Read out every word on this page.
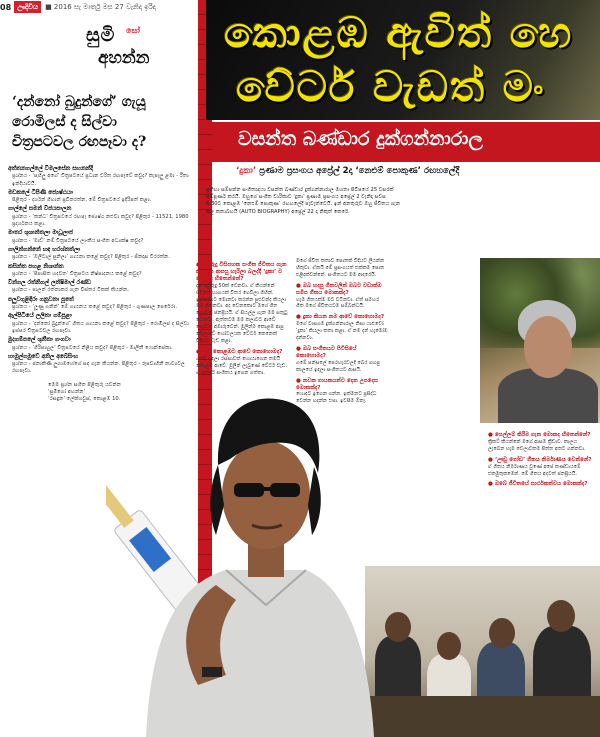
08 ඌදිවිය	■ 2016 සැ මාර්තු මස 27 වැනිදා ඉරිදා
සුමි සෝ
අහන්න
‘දන්නෝ බුදුන්ගේ’ ගැයූ
රොමිලස් ද සිල්වා
චිත්‍රපටවල රඟපෑවා ද?
අත්තනගල්ලේ විමලසේන සහනන්දී
ප්‍රශ්නය - ‘සහිලු අගේ’ චිත්‍රපටයේ ප්‍රධාන චරිත රඟපෑවේ කවුද? කැපෑලු ළමා - රීතා ඉන්දියාවයි.
මඩකලේ ටීපිණි ජ්‍යෙෂ්ඨයා
පිළිතුර - දර්ශන් ගිහාන් ප්‍රවීනරත්න, මේ චිත්‍රපටයේ ඉදිරිපත් කළා.
ගාල්ලේ සමන් විජයපාලන
ප්‍රශ්නය - ‘කන්ධ’ චිත්‍රපටයේ රඟපෑ ජ්‍යෙෂ්ඨ නළුවා කවුද? පිළිතුර - 11521, 1980 ප්‍රදර්ශනය කළා.
මාතර ශුශාන්තලා මාධූලාජ
ප්‍රශ්නය - ‘මාඩ්’ නම් චිත්‍රපටයේ ලාංකීය සංගීත අධ්‍යක්ෂ කවුද?
ගාලින්ගන්නේ හඳ හරශ්නත්ලා
ප්‍රශ්නය - ‘ඔලිටාල් සුනිලා’ ගායනා කළේ කවුද? පිළිතුර - ජිනදාස වීරරත්න.
කසින්ත පහළ නිශාන්ත
ප්‍රශ්නය - ‘පිපාසිත හදවත’ චිත්‍රපටය නිෂ්පාදනය කළේ කවුද?
වින්ගල රත්නිගල් ලන්ෂිමාල් රණ්ඩ
ප්‍රශ්නය - පාලන් රත්නාකර ගැන විස්තර ටිකක් කියන්න.
පලුවගුළිඳිරා ගනුවනා පූතේ
ප්‍රශ්නය - ‘ලූණු ගනින්’ මේ ගායනය කළේ කවුද? පිළිතුර - ගුණපාල පෙරේරා.
ඇල්පිටියේ ලලිතා ගම්පූළා
ප්‍රශ්නය - ‘දන්නෝ බුදුන්ගේ’ ගීතය ගායනා කළේ කවුද? පිළිතුර - රොමිලස් ද සිල්වා ඉස්සර චිත්‍රපටවල රඟපෑවා.
මුදගම්පලේ ශුනීතා ගංගවා
ප්‍රශ්නය - ‘ගිරිපාහුල’ චිත්‍රපටයේ නිළිය කවුද? පිළිතුර - මාලිනී ෆොන්සේකා.
හාමුල්ගමුවේ අනිල අබේසිංහ
ප්‍රශ්නය - ජනාකිණි ලුගාමහේගේ සඳ ගැන කියන්න. පිළිතුර - රූපවාහිනී නාට්‍යවල රඟපෑවා.
මෙම ප්‍රශ්න සහිත පිළිතුරු යවන්න
‘සුමීගෝ අහන්න’
‘රසඳුන’ ලේක්හවුස්, කොළඹ 10.
කොළඹ ඇවිත් හෙ
වේටර් වැඩත් මං
වසන්ත බණ්ඩාර දුක්ගන්නාරාල
‘දුකා’ ප්‍රණාම ප්‍රසංගය අප්‍රේල් 2දා ‘නෙළුම් පොකුණ’ රඟහලේදී
ප්‍රතිභා සම්පන්න සංගීතඥයා වසන්ත බණ්ඩාර දුක්ගන්නාරාල මහතා පිටිපයේ 25 වසරක් සම්පූර්ණ කරයි. ඔහුගේ සංගීත චාරිකාව ‘දුකා’ ප්‍රණාම ප්‍රසංගය අප්‍රේල් 2 වැනිදා සවස 6.30ට කොළඹ ‘නෙළුම් පොකුණ’ රඟහලේදී පැවැත්වෙයි. ඉන් අනතුරුව ඔහු ජීවිතය ගැන කළ කතාබහයි (AUTO BIOGRAPHY) අප්‍රේල් 22 දා නිකුත් කෙරේ.
● අවුරුදු විසිපහක සංගීත ජීවිතය ගැන කියන්න ආපසු හැරිලා බලද්දී ‘දුකා’ ට මොකද හිතෙන්නේ?
දැන් අවුරුදු 50ක් වෙනවා. ඒ කියන්නේ ජීවිතේ භාගයක් විතර ගෙවිලා ගිහින්. ඉස්සරහට මොනවා කරන්න පුළුවන්ද කියලා මම හිතනවා. අද වෙනකොට මගේ ගීත ගොඩක් ජනප්‍රියයි. ඒ සියල්ල ගැන මම සතුටු වෙනවා. ඇත්තටම මම කලාවට ආවේ ගොඩක් අමාරුවෙන්. මුලින්ම කොළඹ ආපු වෙලාවේ හෝටලයක වේටර් කෙනෙක් විදියට වැඩ කළා.
● ඔබ කොළඹට ආවේ කොහොමද?
ගමේ ඉඳලා රස්සාවක් හොයාගෙන තමයි කොළඹ ආවේ. මුලින් ලැබුණේ වේටර් වැඩ. ඒ අතරේ සංගීතය ඉගෙන ගත්තා.
මගේ ජීවිත කතාව පොතක් විදියට ලියන්න හිතුවා. ඒකයි මේ ප්‍රසංගයත් එක්කම පොත එළිදක්වන්නේ. සංගීතයට මම ආදරෙයි.
● ඔබ හදපු ගීතවලින් ඔබට වඩාත්ම සමීප ගීතය මොකක්ද?
හැම ගීතයක්ම මට වටිනවා. ඒත් සමහර ගීත මගේ ජීවිතයටම සම්බන්ධයි.
● දුකා කියන නම ආවේ කොහොමද?
මගේ වාසගම දුක්ගන්නාරාල නිසා යාළුවෝ ‘දුකා’ කියලා කතා කළා. ඒ නම දැන් හැමෝම දන්නවා.
● ඔබ සංගීතයට පිවිසියේ කොහොමද?
ගමේ පන්සලේ පෙරහැරවලදී බෙර ගහපු කාලයේ ඉඳලා සංගීතයට ආසයි.
● නවක ගායකයන්ට දෙන උපදෙස මොකක්ද?
හොඳට ඉගෙන ගන්න. ඉක්මනට ප්‍රසිද්ධ වෙන්න හදන්න එපා. ඉවසීම ඕනෑ.
● සෙල්ලම් කිරීම ගැන මොකද හිතෙන්නේ?
ක්‍රිකට් කියන්නේ මගේ ආසම ක්‍රීඩාව. කාලය ලැබෙන හැම වෙලාවකම පිත්ත අතට ගන්නවා.
● ‘ඌඩු ගෝඩ’ ගීතය නිර්මාණය වෙන්නේ?
ඒ ගීතය නිර්මාණය වුණේ අපේ කණ්ඩායමේ එකමුතුකමෙන්. මේ ගීතය අදටත් ජනප්‍රියයි.
● ඔබේ ජීවිතයේ සාර්ථකත්වය මොකක්ද?
